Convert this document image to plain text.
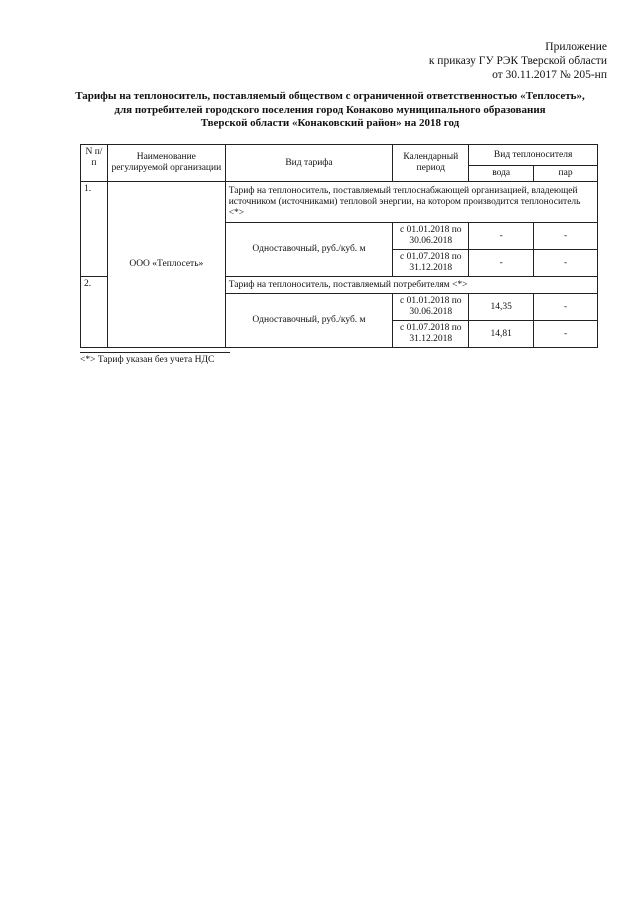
Приложение
к приказу ГУ РЭК Тверской области
от 30.11.2017 № 205-нп
Тарифы на теплоноситель, поставляемый обществом с ограниченной ответственностью «Теплосеть»,
для потребителей городского поселения город Конаково муниципального образования
Тверской области «Конаковский район» на 2018 год
N п/п	Наименование регулируемой организации	Вид тарифа	Календарный период	Вид теплоносителя	
				вода	пар
1.	ООО «Теплосеть»	Тариф на теплоноситель, поставляемый теплоснабжающей организацией, владеющей источником (источниками) тепловой энергии, на котором производится теплоноситель <*>			
		Одноставочный, руб./куб. м	с 01.01.2018 по 30.06.2018	-	-
			с 01.07.2018 по 31.12.2018	-	-
2.		Тариф на теплоноситель, поставляемый потребителям <*>			
		Одноставочный, руб./куб. м	с 01.01.2018 по 30.06.2018	14,35	-
			с 01.07.2018 по 31.12.2018	14,81	-
<*> Тариф указан без учета НДС
